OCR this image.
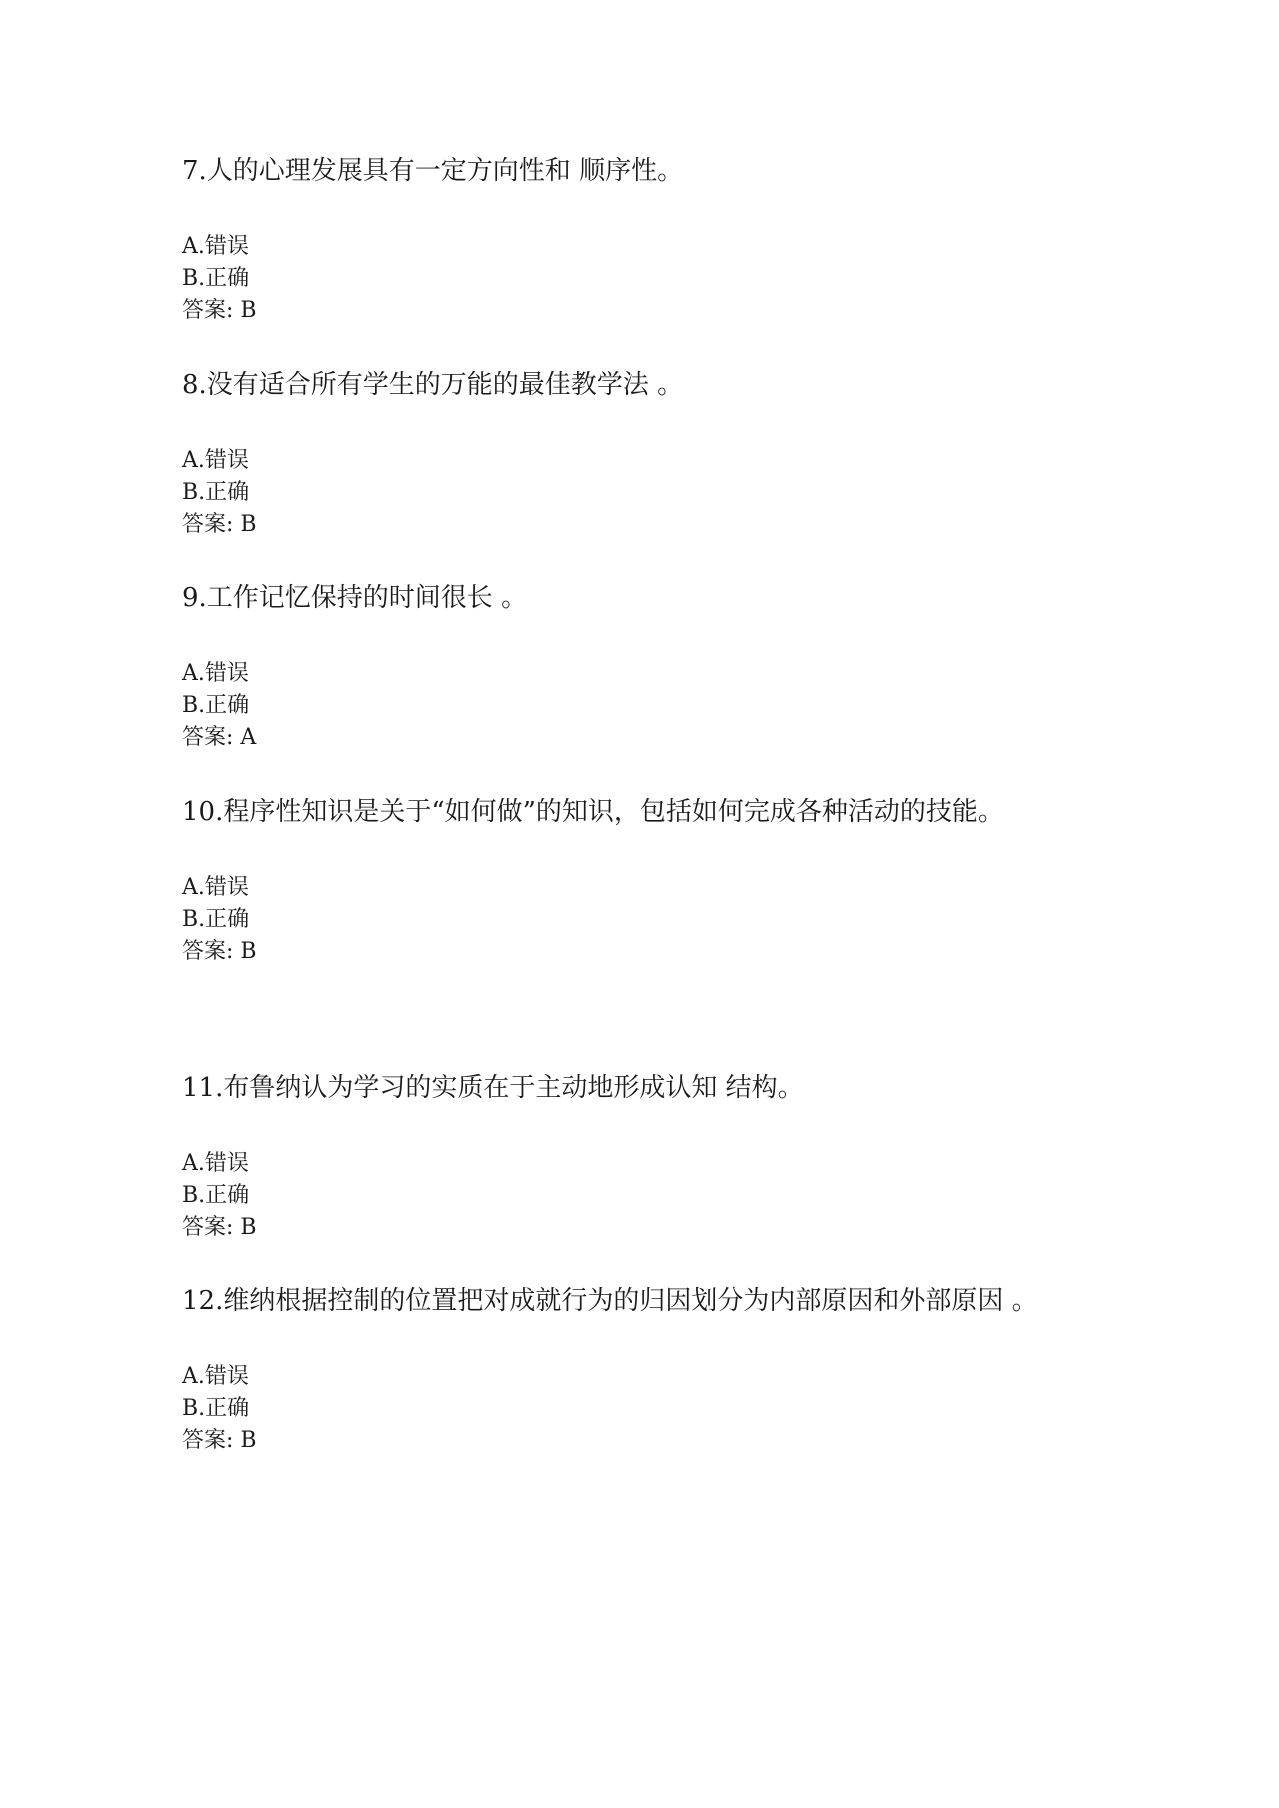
7.人的心理发展具有一定方向性和 顺序性。

A.错误
B.正确
答案: B

8.没有适合所有学生的万能的最佳教学法 。

A.错误
B.正确
答案: B

9.工作记忆保持的时间很长 。

A.错误
B.正确
答案: A

10.程序性知识是关于“如何做”的知识，包括如何完成各种活动的技能。

A.错误
B.正确
答案: B

11.布鲁纳认为学习的实质在于主动地形成认知 结构。

A.错误
B.正确
答案: B

12.维纳根据控制的位置把对成就行为的归因划分为内部原因和外部原因 。

A.错误
B.正确
答案: B
